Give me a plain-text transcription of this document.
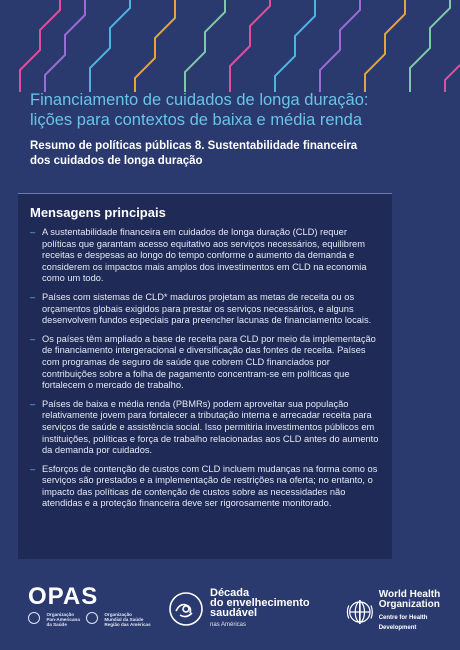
Financiamento de cuidados de longa duração:
lições para contextos de baixa e média renda
Resumo de políticas públicas 8. Sustentabilidade financeira
dos cuidados de longa duração
Mensagens principais
– A sustentabilidade financeira em cuidados de longa duração (CLD) requer políticas que garantam acesso equitativo aos serviços necessários, equilibrem receitas e despesas ao longo do tempo conforme o aumento da demanda e considerem os impactos mais amplos dos investimentos em CLD na economia como um todo.
– Países com sistemas de CLD* maduros projetam as metas de receita ou os orçamentos globais exigidos para prestar os serviços necessários, e alguns desenvolvem fundos especiais para preencher lacunas de financiamento locais.
– Os países têm ampliado a base de receita para CLD por meio da implementação de financiamento intergeracional e diversificação das fontes de receita. Países com programas de seguro de saúde que cobrem CLD financiados por contribuições sobre a folha de pagamento concentram-se em políticas que fortalecem o mercado de trabalho.
– Países de baixa e média renda (PBMRs) podem aproveitar sua população relativamente jovem para fortalecer a tributação interna e arrecadar receita para serviços de saúde e assistência social. Isso permitiria investimentos públicos em instituições, políticas e força de trabalho relacionadas aos CLD antes do aumento da demanda por cuidados.
– Esforços de contenção de custos com CLD incluem mudanças na forma como os serviços são prestados e a implementação de restrições na oferta; no entanto, o impacto das políticas de contenção de custos sobre as necessidades não atendidas e a proteção financeira deve ser rigorosamente monitorado.
OPAS
Organização
Pan-Americana
da Saúde
Organização
Mundial da Saúde
Região das Américas
Década
do envelhecimento
saudável
nas Américas
World Health
Organization
Centre for Health Development
